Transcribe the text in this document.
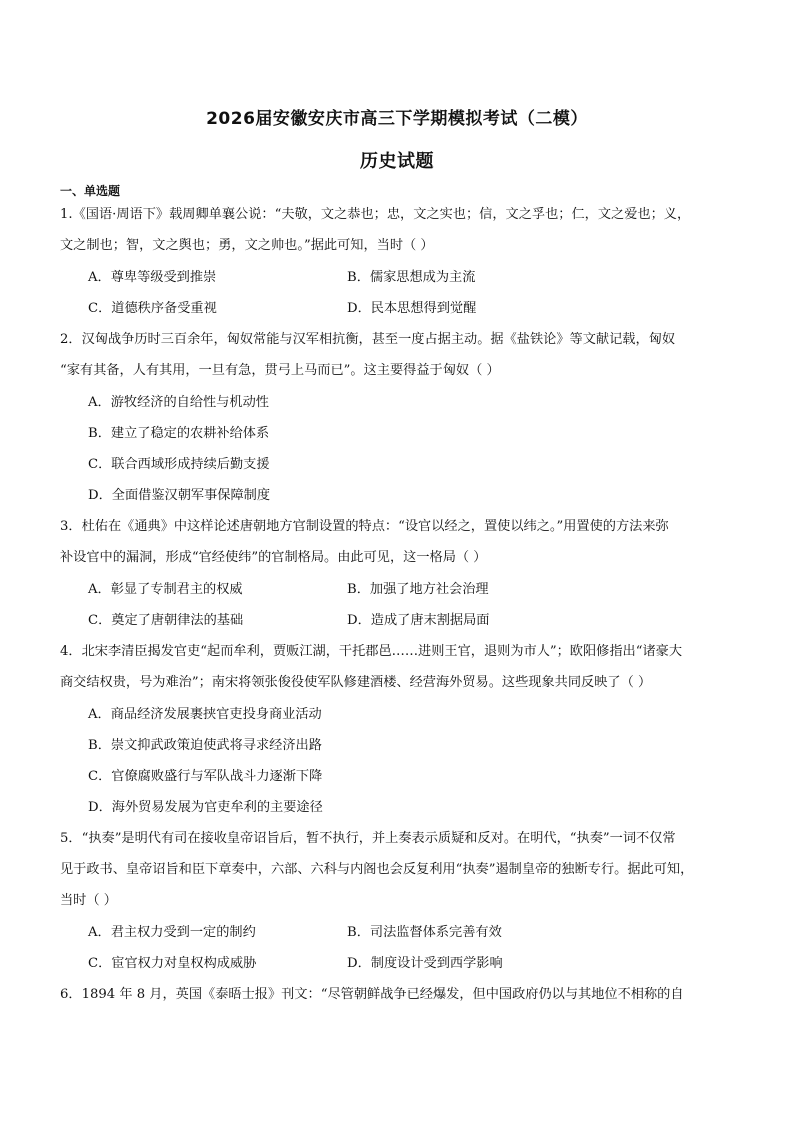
2026届安徽安庆市高三下学期模拟考试（二模）
历史试题
一、单选题
1.《国语·周语下》载周卿单襄公说：“夫敬，文之恭也；忠，文之实也；信，文之孚也；仁，文之爱也；义，
文之制也；智，文之舆也；勇，文之帅也。”据此可知，当时（ ）
A．尊卑等级受到推崇	B．儒家思想成为主流
C．道德秩序备受重视	D．民本思想得到觉醒
2．汉匈战争历时三百余年，匈奴常能与汉军相抗衡，甚至一度占据主动。据《盐铁论》等文献记载，匈奴
“家有其备，人有其用，一旦有急，贯弓上马而已”。这主要得益于匈奴（ ）
A．游牧经济的自给性与机动性
B．建立了稳定的农耕补给体系
C．联合西域形成持续后勤支援
D．全面借鉴汉朝军事保障制度
3．杜佑在《通典》中这样论述唐朝地方官制设置的特点：“设官以经之，置使以纬之。”用置使的方法来弥
补设官中的漏洞，形成“官经使纬”的官制格局。由此可见，这一格局（ ）
A．彰显了专制君主的权威	B．加强了地方社会治理
C．奠定了唐朝律法的基础	D．造成了唐末割据局面
4．北宋李清臣揭发官吏“起而牟利，贾贩江湖，干托郡邑……进则王官，退则为市人”；欧阳修指出“诸豪大
商交结权贵，号为难治”；南宋将领张俊役使军队修建酒楼、经营海外贸易。这些现象共同反映了（ ）
A．商品经济发展裹挟官吏投身商业活动
B．崇文抑武政策迫使武将寻求经济出路
C．官僚腐败盛行与军队战斗力逐渐下降
D．海外贸易发展为官吏牟利的主要途径
5．“执奏”是明代有司在接收皇帝诏旨后，暂不执行，并上奏表示质疑和反对。在明代，“执奏”一词不仅常
见于政书、皇帝诏旨和臣下章奏中，六部、六科与内阁也会反复利用“执奏”遏制皇帝的独断专行。据此可知，
当时（ ）
A．君主权力受到一定的制约	B．司法监督体系完善有效
C．宦官权力对皇权构成威胁	D．制度设计受到西学影响
6．1894 年 8 月，英国《泰晤士报》刊文：“尽管朝鲜战争已经爆发，但中国政府仍以与其地位不相称的自
